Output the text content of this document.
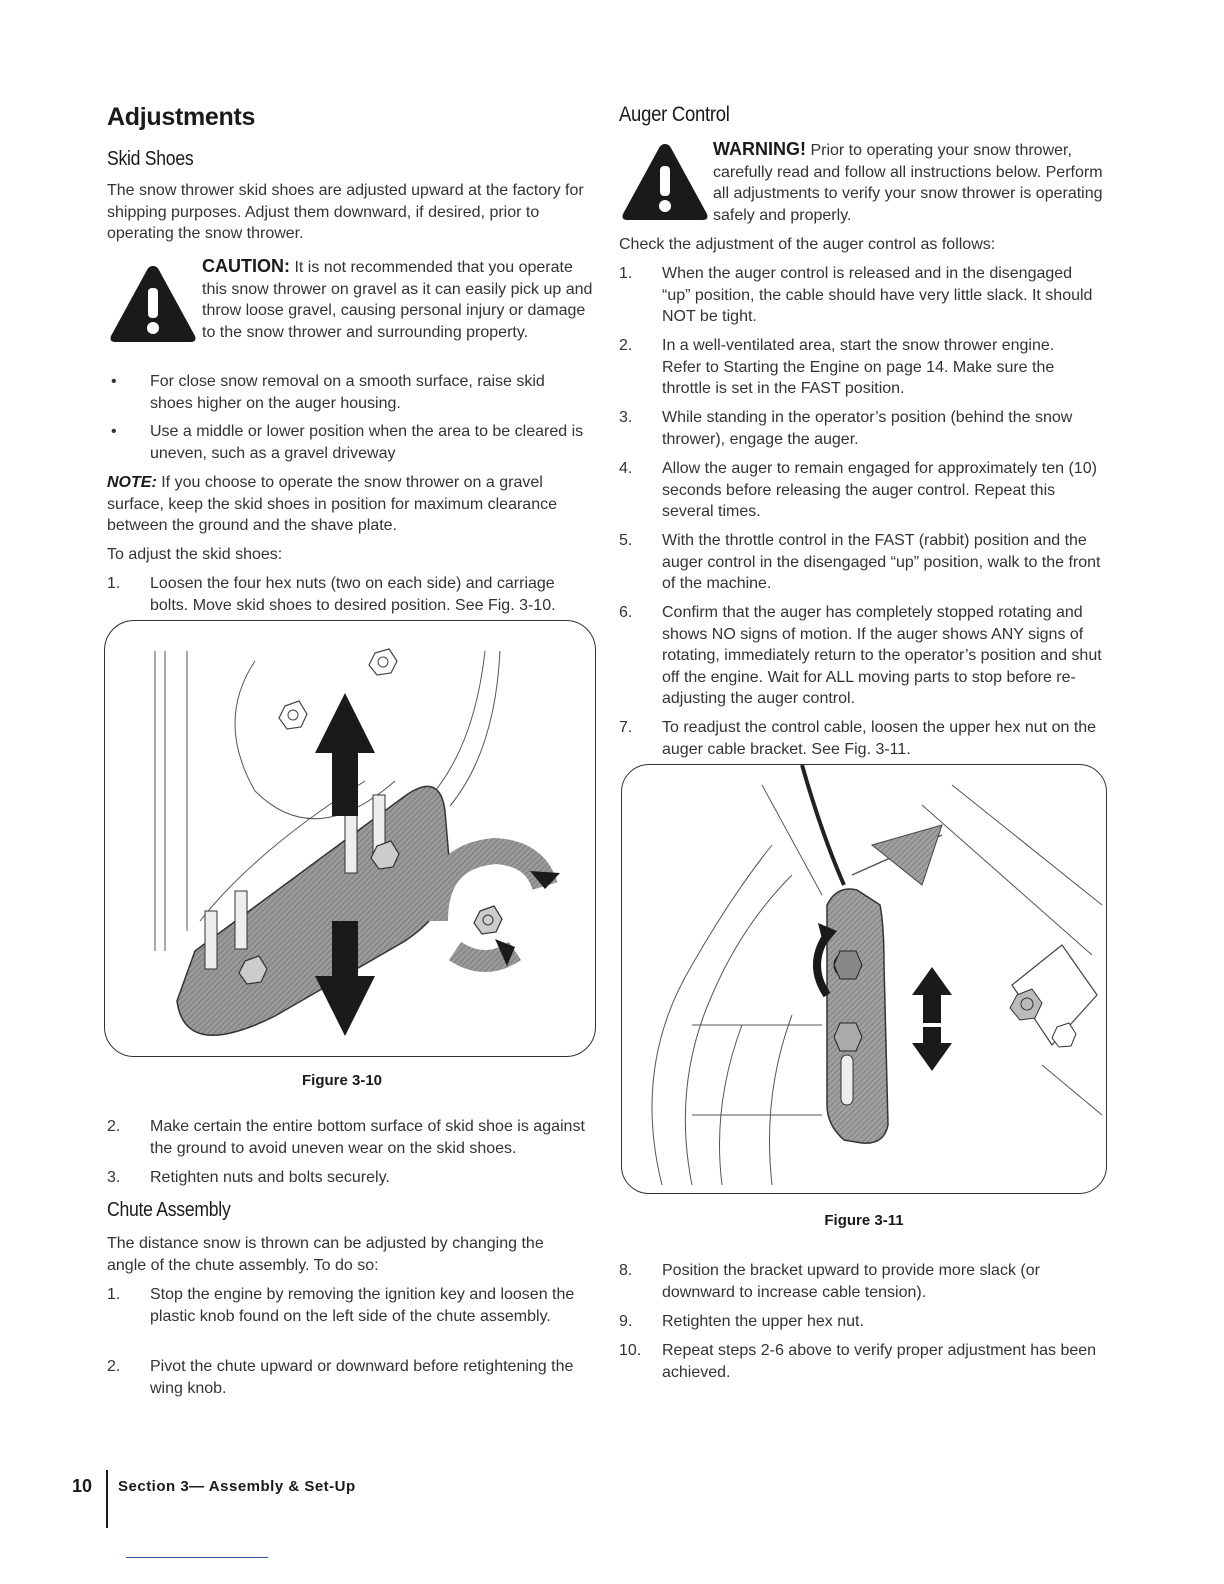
Adjustments
Skid Shoes
The snow thrower skid shoes are adjusted upward at the factory for shipping purposes. Adjust them downward, if desired, prior to operating the snow thrower.
CAUTION: It is not recommended that you operate this snow thrower on gravel as it can easily pick up and throw loose gravel, causing personal injury or damage to the snow thrower and surrounding property.
•	For close snow removal on a smooth surface, raise skid shoes higher on the auger housing.
•	Use a middle or lower position when the area to be cleared is uneven, such as a gravel driveway
NOTE: If you choose to operate the snow thrower on a gravel surface, keep the skid shoes in position for maximum clearance between the ground and the shave plate.
To adjust the skid shoes:
1.	Loosen the four hex nuts (two on each side) and carriage bolts. Move skid shoes to desired position. See Fig. 3-10.
Figure 3-10
2.	Make certain the entire bottom surface of skid shoe is against the ground to avoid uneven wear on the skid shoes.
3.	Retighten nuts and bolts securely.
Chute Assembly
The distance snow is thrown can be adjusted by changing the angle of the chute assembly. To do so:
1.	Stop the engine by removing the ignition key and loosen the plastic knob found on the left side of the chute assembly.
2.	Pivot the chute upward or downward before retightening the wing knob.
Auger Control
WARNING! Prior to operating your snow thrower, carefully read and follow all instructions below. Perform all adjustments to verify your snow thrower is operating safely and properly.
Check the adjustment of the auger control as follows:
1.	When the auger control is released and in the disengaged “up” position, the cable should have very little slack. It should NOT be tight.
2.	In a well-ventilated area, start the snow thrower engine. Refer to Starting the Engine on page 14. Make sure the throttle is set in the FAST position.
3.	While standing in the operator’s position (behind the snow thrower), engage the auger.
4.	Allow the auger to remain engaged for approximately ten (10) seconds before releasing the auger control. Repeat this several times.
5.	With the throttle control in the FAST (rabbit) position and the auger control in the disengaged “up” position, walk to the front of the machine.
6.	Confirm that the auger has completely stopped rotating and shows NO signs of motion. If the auger shows ANY signs of rotating, immediately return to the operator’s position and shut off the engine. Wait for ALL moving parts to stop before re-adjusting the auger control.
7.	To readjust the control cable, loosen the upper hex nut on the auger cable bracket. See Fig. 3-11.
Figure 3-11
8.	Position the bracket upward to provide more slack (or downward to increase cable tension).
9.	Retighten the upper hex nut.
10.	Repeat steps 2-6 above to verify proper adjustment has been achieved.
10 Section 3— Assembly & Set-Up
